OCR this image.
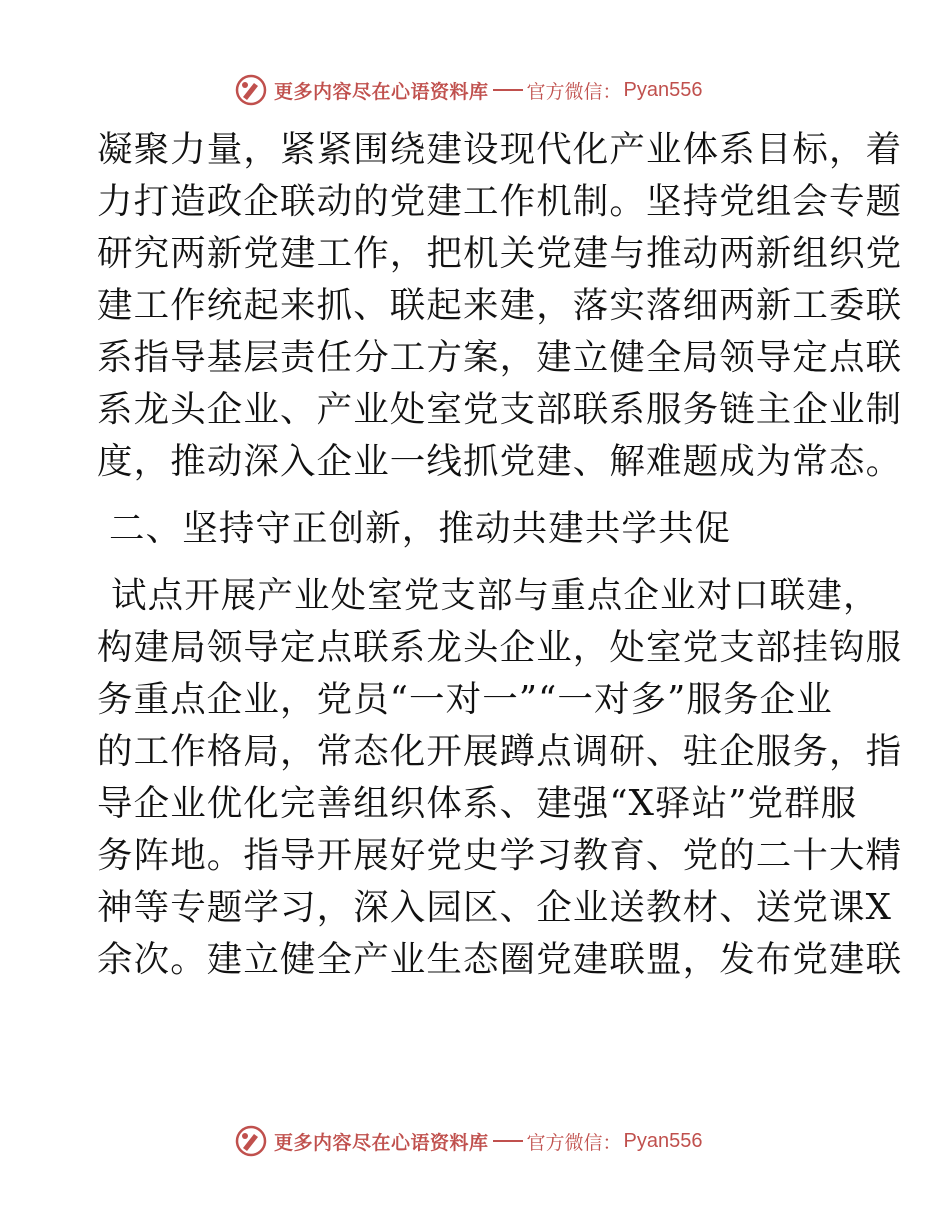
更多内容尽在心语资料库 官方微信： Pyan556
凝聚力量，紧紧围绕建设现代化产业体系目标，着
力打造政企联动的党建工作机制。坚持党组会专题
研究两新党建工作，把机关党建与推动两新组织党
建工作统起来抓、联起来建，落实落细两新工委联
系指导基层责任分工方案，建立健全局领导定点联
系龙头企业、产业处室党支部联系服务链主企业制
度，推动深入企业一线抓党建、解难题成为常态。
二、坚持守正创新，推动共建共学共促
试点开展产业处室党支部与重点企业对口联建，
构建局领导定点联系龙头企业，处室党支部挂钩服
务重点企业，党员“一对一”“一对多”服务企业
的工作格局，常态化开展蹲点调研、驻企服务，指
导企业优化完善组织体系、建强“X驿站”党群服
务阵地。指导开展好党史学习教育、党的二十大精
神等专题学习，深入园区、企业送教材、送党课X
余次。建立健全产业生态圈党建联盟，发布党建联
更多内容尽在心语资料库 官方微信： Pyan556
